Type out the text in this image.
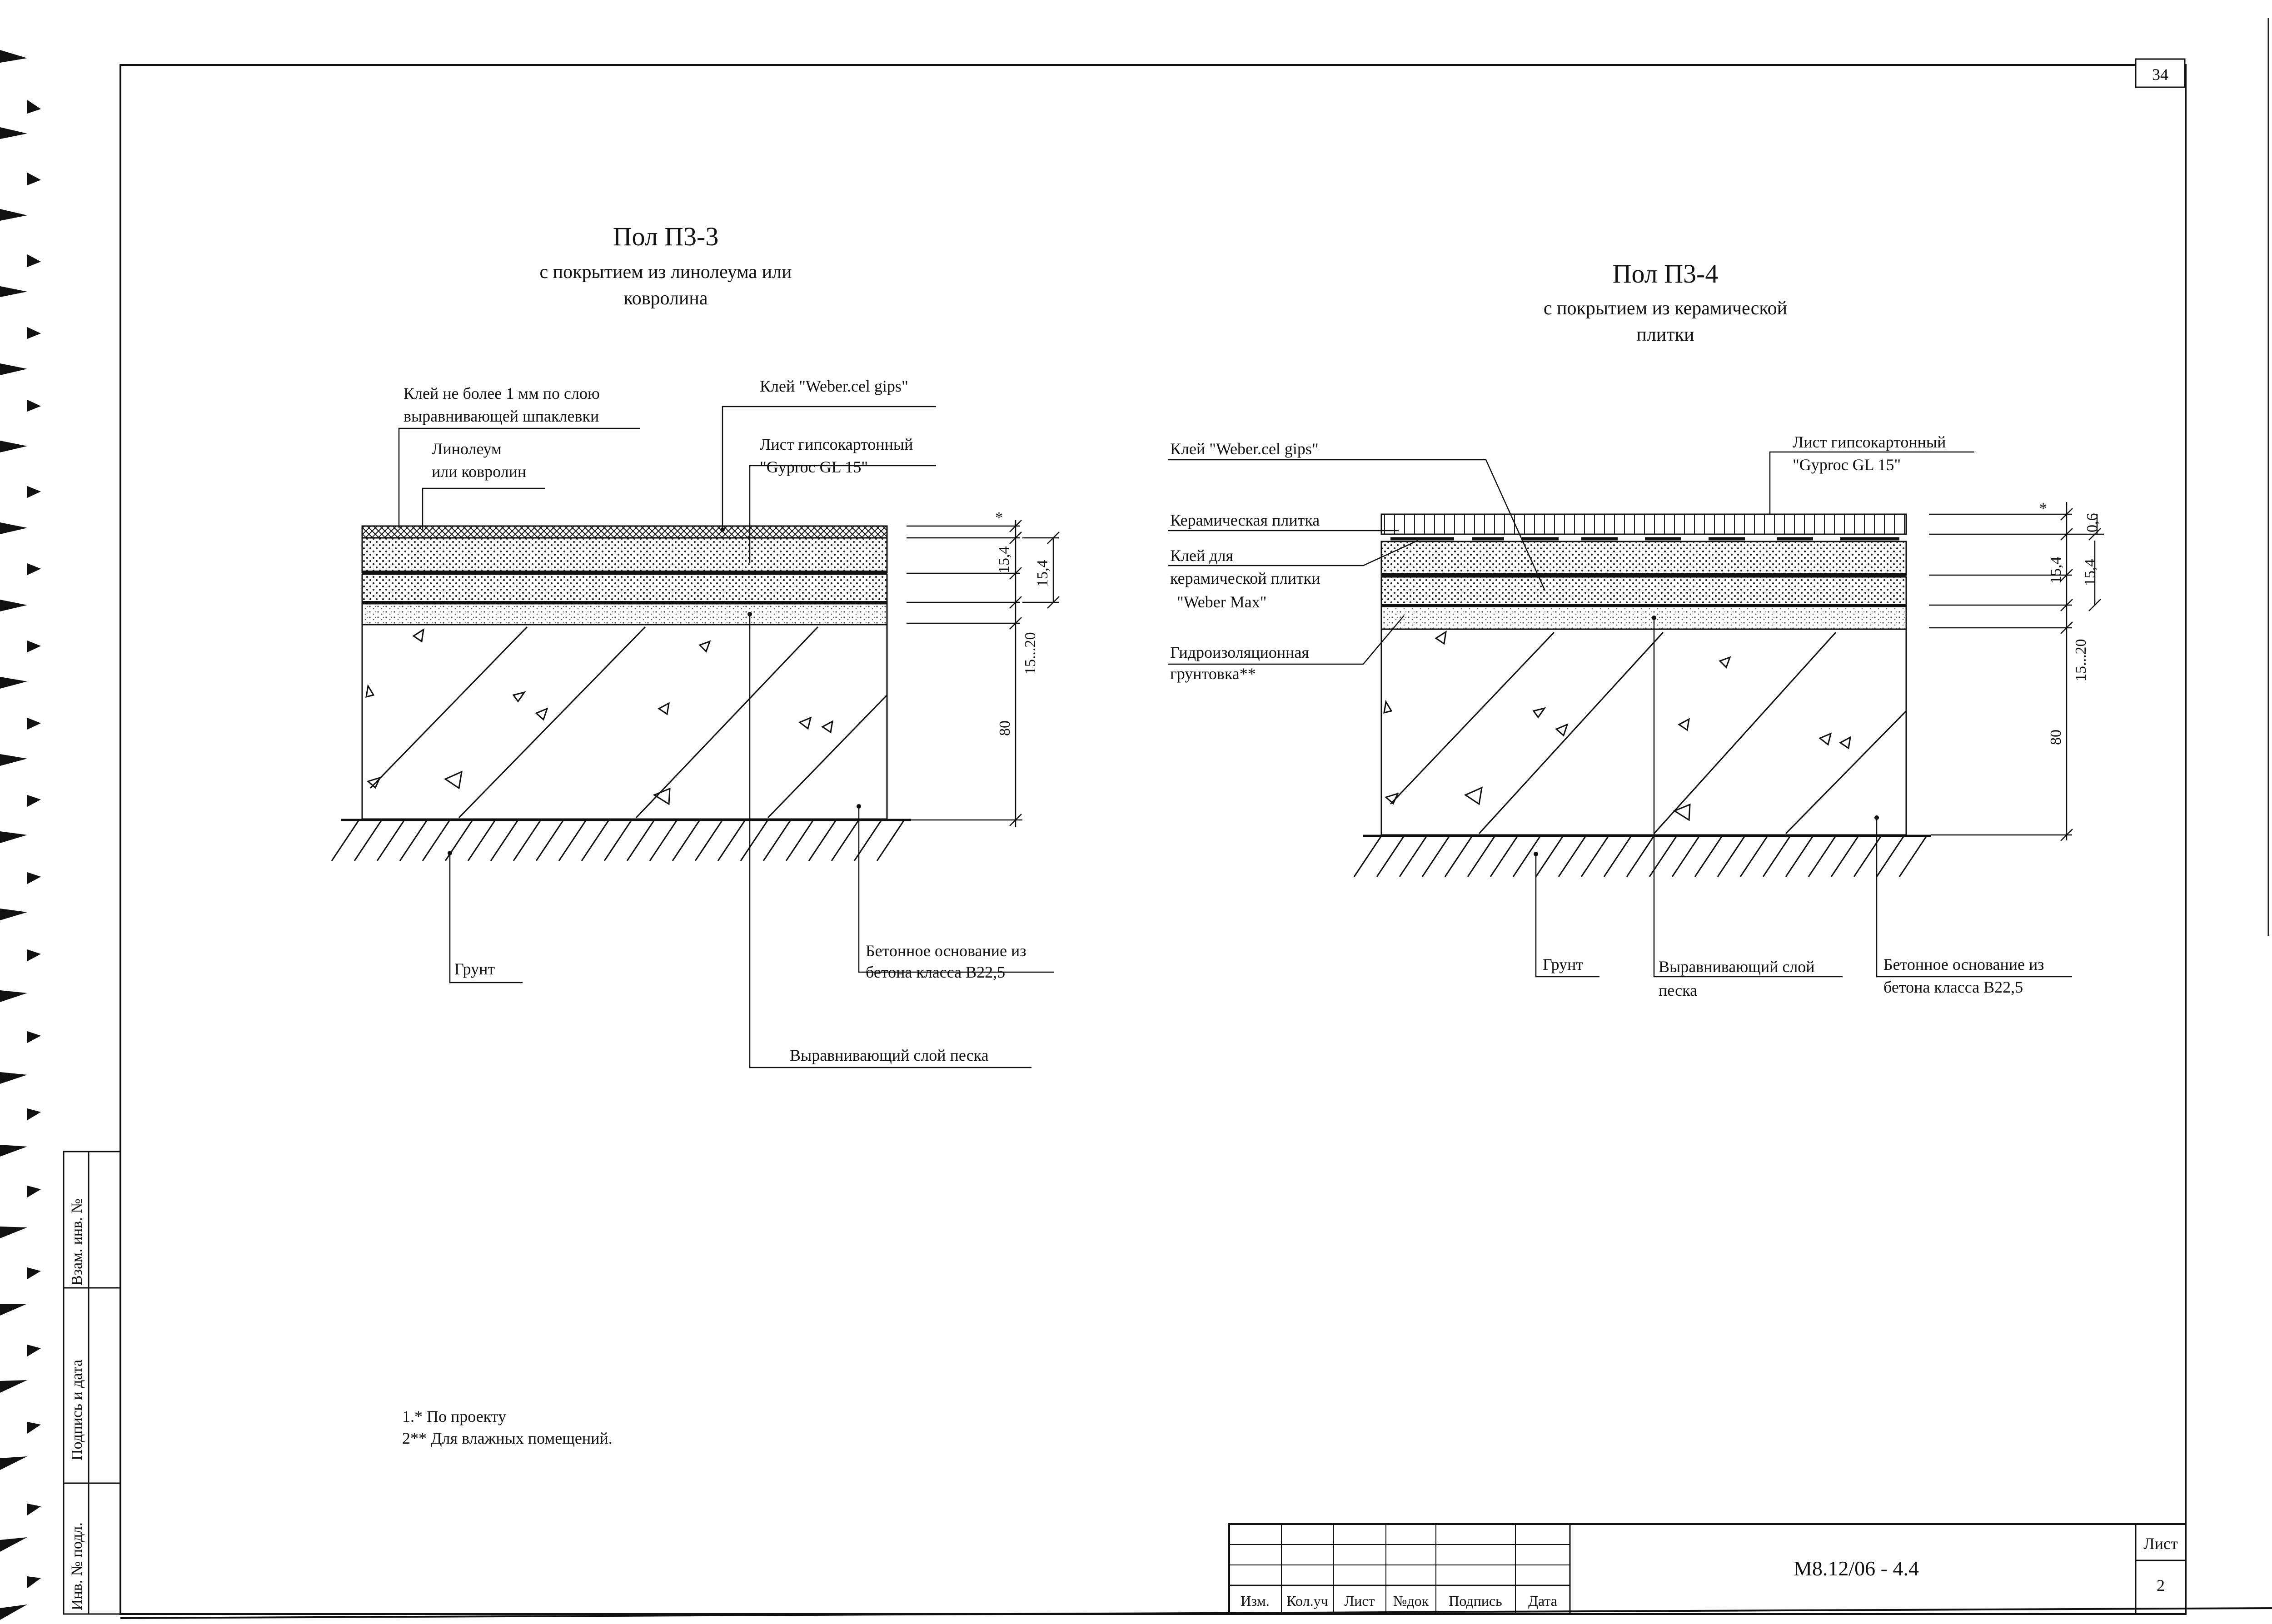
34
Взам. инв. №
Подпись и дата
Инв. № подл.	Изм. Кол.уч Лист №док Подпись Дата
М8.12/06 - 4.4
Лист
2
Пол П3-3
с покрытием из линолеума или
ковролина
Клей не более 1 мм по слою
выравнивающей шпаклевки
Линолеум
или ковролин
Клей "Weber.cel gips"
Лист гипсокартонный
"Gyproc GL 15"
Грунт
Бетонное основание из
бетона класса В22,5
Выравнивающий слой песка
*
15,4
15,4
15...20
80
Пол П3-4
с покрытием из керамической
плитки
Клей "Weber.cel gips"	Лист гипсокартонный
"Gyproc GL 15"
Керамическая плитка
Клей для
керамической плитки
"Weber Max"
Гидроизоляционная
грунтовка**
Грунт	Выравнивающий слой
песка
Бетонное основание из
бетона класса В22,5
*
0,6
15,4 15,4
15...20
80
1.* По проекту
2** Для влажных помещений.
